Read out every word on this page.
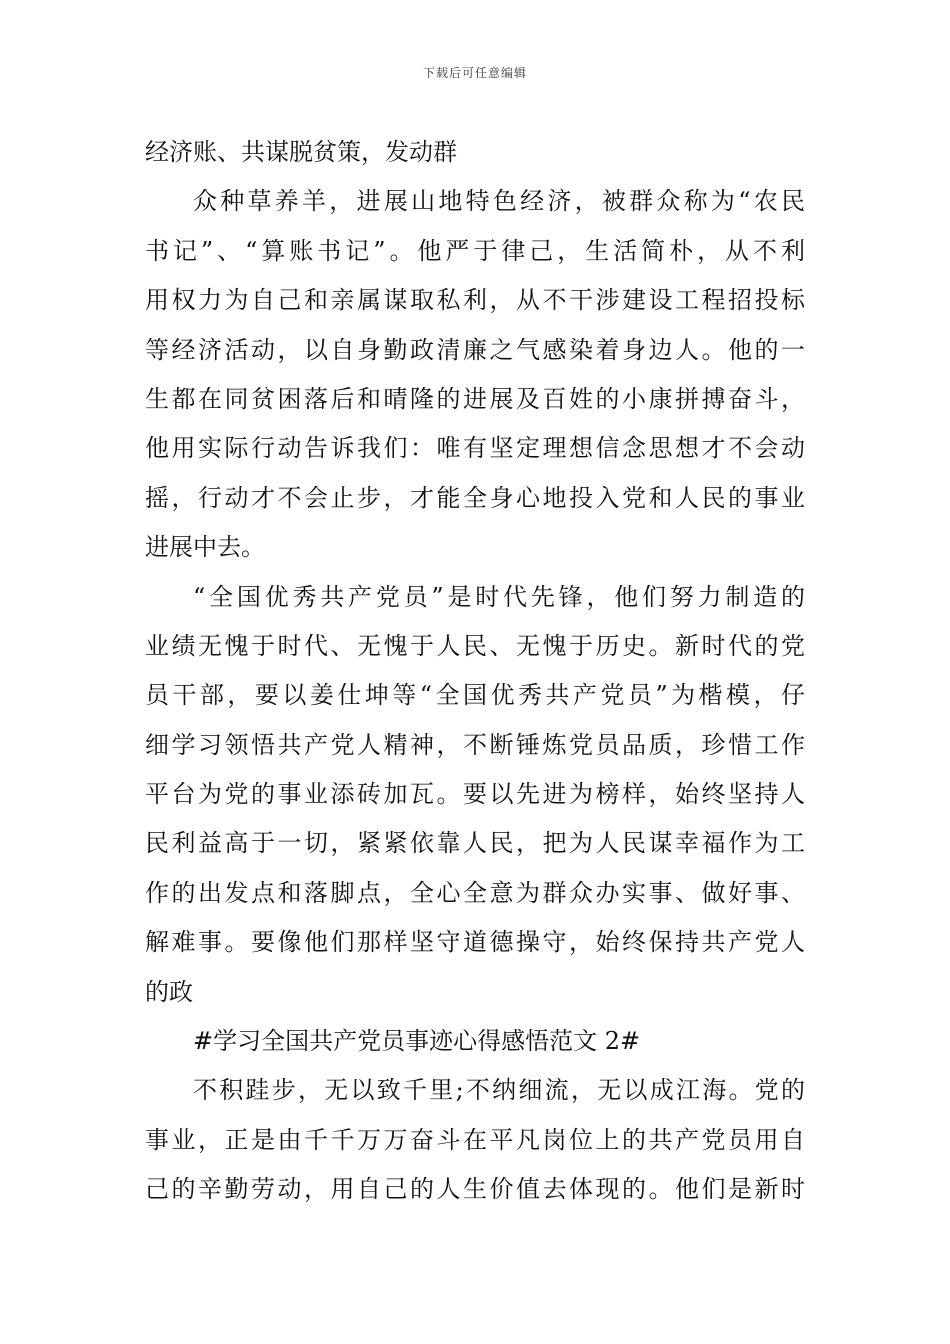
下载后可任意编辑
经济账、共谋脱贫策，发动群
众种草养羊，进展山地特色经济，被群众称为“农民
书记”、“算账书记”。他严于律己，生活简朴，从不利
用权力为自己和亲属谋取私利，从不干涉建设工程招投标
等经济活动，以自身勤政清廉之气感染着身边人。他的一
生都在同贫困落后和晴隆的进展及百姓的小康拼搏奋斗，
他用实际行动告诉我们：唯有坚定理想信念思想才不会动
摇，行动才不会止步，才能全身心地投入党和人民的事业
进展中去。
“全国优秀共产党员”是时代先锋，他们努力制造的
业绩无愧于时代、无愧于人民、无愧于历史。新时代的党
员干部，要以姜仕坤等“全国优秀共产党员”为楷模，仔
细学习领悟共产党人精神，不断锤炼党员品质，珍惜工作
平台为党的事业添砖加瓦。要以先进为榜样，始终坚持人
民利益高于一切，紧紧依靠人民，把为人民谋幸福作为工
作的出发点和落脚点，全心全意为群众办实事、做好事、
解难事。要像他们那样坚守道德操守，始终保持共产党人
的政
#学习全国共产党员事迹心得感悟范文 2#
不积跬步，无以致千里;不纳细流，无以成江海。党的
事业，正是由千千万万奋斗在平凡岗位上的共产党员用自
己的辛勤劳动，用自己的人生价值去体现的。他们是新时
